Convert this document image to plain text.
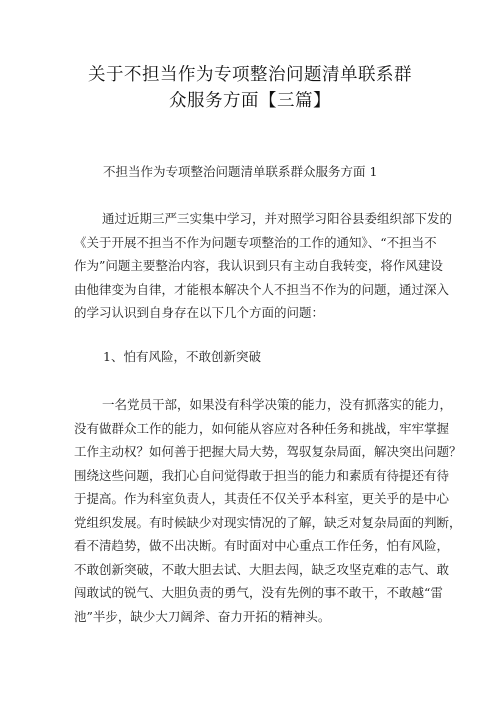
关于不担当作为专项整治问题清单联系群
众服务方面【三篇】
不担当作为专项整治问题清单联系群众服务方面 1
通过近期三严三实集中学习，并对照学习阳谷县委组织部下发的
《关于开展不担当不作为问题专项整治的工作的通知》、“不担当不
作为”问题主要整治内容，我认识到只有主动自我转变，将作风建设
由他律变为自律，才能根本解决个人不担当不作为的问题，通过深入
的学习认识到自身存在以下几个方面的问题：
1、怕有风险，不敢创新突破
一名党员干部，如果没有科学决策的能力，没有抓落实的能力，
没有做群众工作的能力，如何能从容应对各种任务和挑战，牢牢掌握
工作主动权？如何善于把握大局大势，驾驭复杂局面，解决突出问题？
围绕这些问题，我扪心自问觉得敢于担当的能力和素质有待提还有待
于提高。作为科室负责人，其责任不仅关乎本科室，更关乎的是中心
党组织发展。有时候缺少对现实情况的了解，缺乏对复杂局面的判断，
看不清趋势，做不出决断。有时面对中心重点工作任务，怕有风险，
不敢创新突破，不敢大胆去试、大胆去闯，缺乏攻坚克难的志气、敢
闯敢试的锐气、大胆负责的勇气，没有先例的事不敢干，不敢越“雷
池”半步，缺少大刀阔斧、奋力开拓的精神头。
